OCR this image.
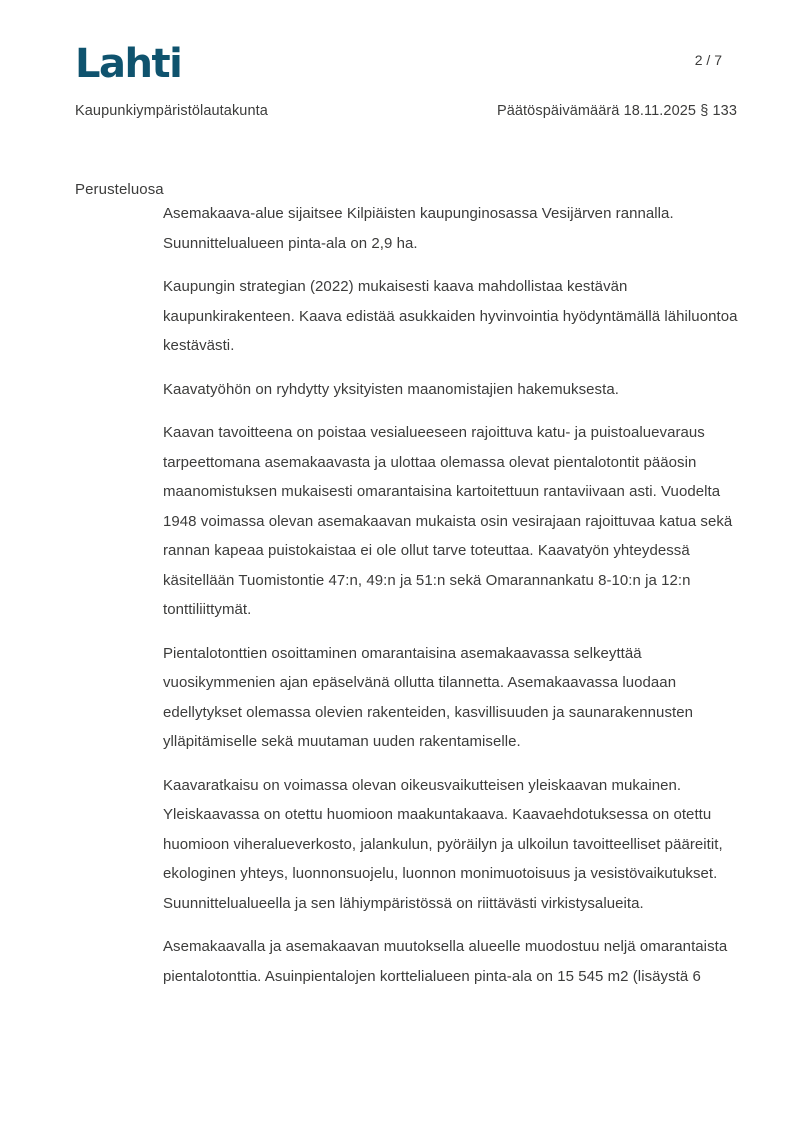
Lahti	2 / 7
Kaupunkiympäristölautakunta	Päätöspäivämäärä 18.11.2025 § 133
Perusteluosa

Asemakaava-alue sijaitsee Kilpiäisten kaupunginosassa Vesijärven rannalla. Suunnittelualueen pinta-ala on 2,9 ha.

Kaupungin strategian (2022) mukaisesti kaava mahdollistaa kestävän kaupunkirakenteen. Kaava edistää asukkaiden hyvinvointia hyödyntämällä lähiluontoa kestävästi.

Kaavatyöhön on ryhdytty yksityisten maanomistajien hakemuksesta.

Kaavan tavoitteena on poistaa vesialueeseen rajoittuva katu- ja puistoaluevaraus tarpeettomana asemakaavasta ja ulottaa olemassa olevat pientalotontit pääosin maanomistuksen mukaisesti omarantaisina kartoitettuun rantaviivaan asti. Vuodelta 1948 voimassa olevan asemakaavan mukaista osin vesirajaan rajoittuvaa katua sekä rannan kapeaa puistokaistaa ei ole ollut tarve toteuttaa. Kaavatyön yhteydessä käsitellään Tuomistontie 47:n, 49:n ja 51:n sekä Omarannankatu 8-10:n ja 12:n tonttiliittymät.

Pientalotonttien osoittaminen omarantaisina asemakaavassa selkeyttää vuosikymmenien ajan epäselvänä ollutta tilannetta. Asemakaavassa luodaan edellytykset olemassa olevien rakenteiden, kasvillisuuden ja saunarakennusten ylläpitämiselle sekä muutaman uuden rakentamiselle.

Kaavaratkaisu on voimassa olevan oikeusvaikutteisen yleiskaavan mukainen. Yleiskaavassa on otettu huomioon maakuntakaava. Kaavaehdotuksessa on otettu huomioon viheralueverkosto, jalankulun, pyöräilyn ja ulkoilun tavoitteelliset pääreitit, ekologinen yhteys, luonnonsuojelu, luonnon monimuotoisuus ja vesistövaikutukset. Suunnittelualueella ja sen lähiympäristössä on riittävästi virkistysalueita.

Asemakaavalla ja asemakaavan muutoksella alueelle muodostuu neljä omarantaista pientalotonttia. Asuinpientalojen korttelialueen pinta-ala on 15 545 m2 (lisäystä 6
